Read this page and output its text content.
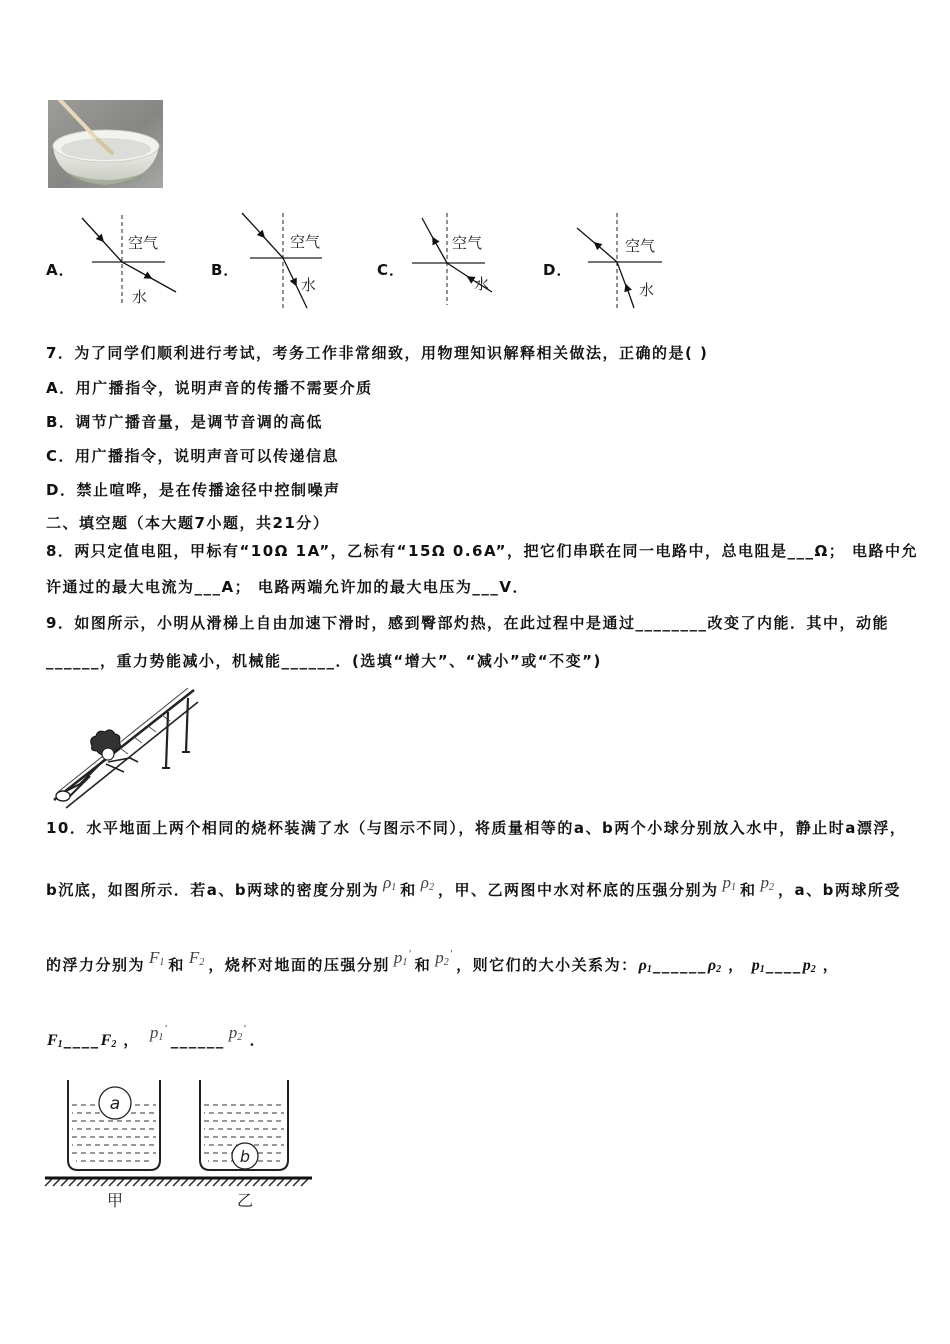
A．	B．	C．	D．
空气
水
空气
水
空气
水
空气
水
7．为了同学们顺利进行考试，考务工作非常细致，用物理知识解释相关做法，正确的是( )
A．用广播指令，说明声音的传播不需要介质
B．调节广播音量，是调节音调的高低
C．用广播指令，说明声音可以传递信息
D．禁止喧哗，是在传播途径中控制噪声
二、填空题（本大题7小题，共21分）
8．两只定值电阻，甲标有“10Ω 1A”，乙标有“15Ω 0.6A”，把它们串联在同一电路中，总电阻是___Ω； 电路中允
许通过的最大电流为___A； 电路两端允许加的最大电压为___V．
9．如图所示，小明从滑梯上自由加速下滑时，感到臀部灼热，在此过程中是通过________改变了内能．其中，动能
______，重力势能减小，机械能______．(选填“增大”、“减小”或“不变”)
10．水平地面上两个相同的烧杯装满了水（与图示不同），将质量相等的a、b两个小球分别放入水中，静止时a漂浮，
b沉底，如图所示．若a、b两球的密度分别为 $\rho_1$ 和 $\rho_2$ ，甲、乙两图中水对杯底的压强分别为 $p_1$ 和 $p_2$ ，a、b两球所受
的浮力分别为 $F_1$ 和 $F_2$ ，烧杯对地面的压强分别 $p_1'$
和 $p_2'$
，则它们的大小关系为： $\rho_1$ ______ $\rho_2$ ， $p_1$ ____ $p_2$ ，
$F_1$ ____ $F_2$ ， $p_1'$
______ $p_2'$
．
a
b
甲	乙
